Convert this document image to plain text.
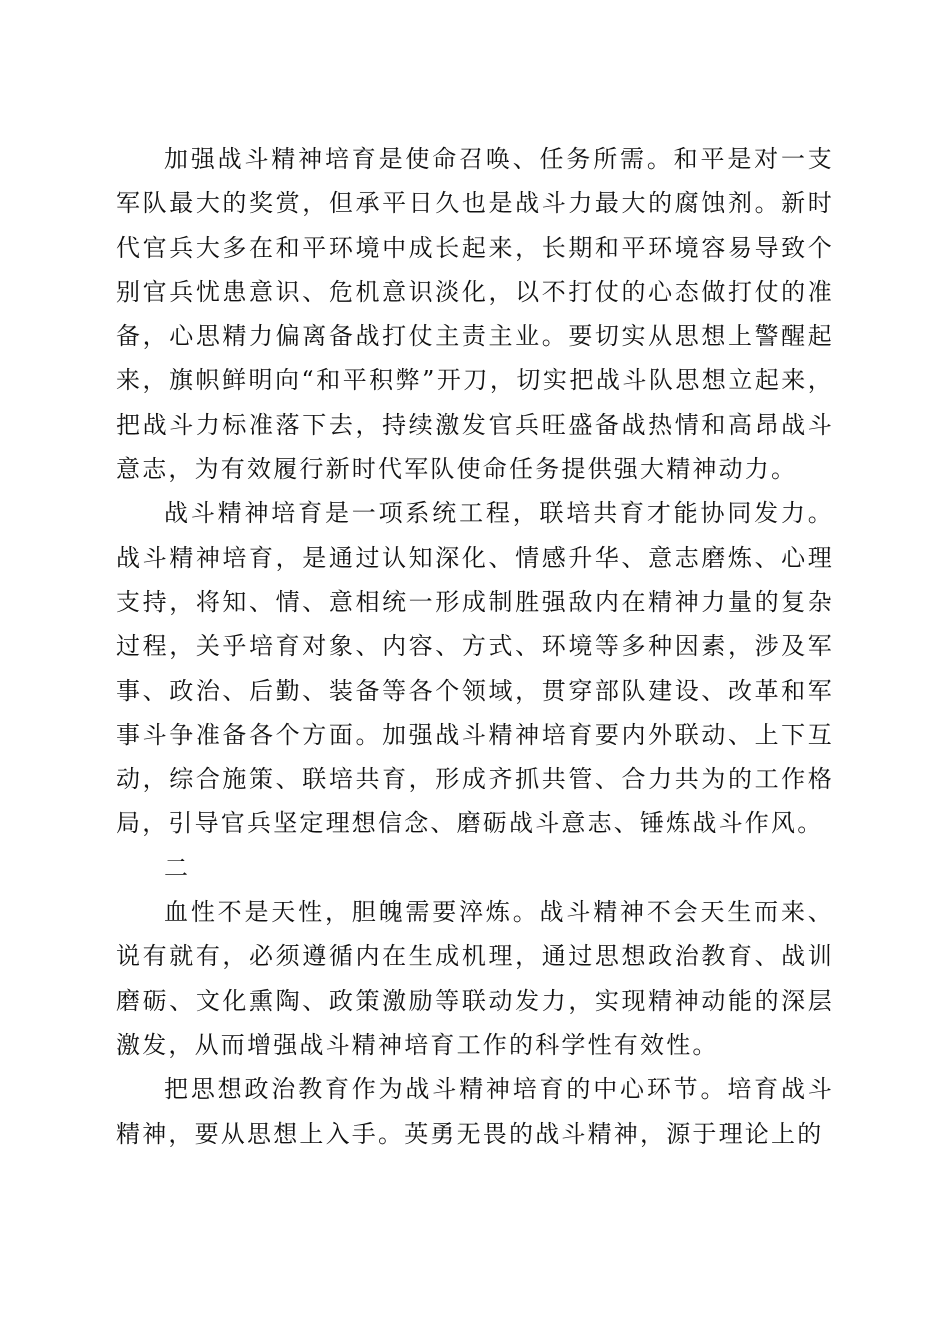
加强战斗精神培育是使命召唤、任务所需。和平是对一支军队最大的奖赏，但承平日久也是战斗力最大的腐蚀剂。新时代官兵大多在和平环境中成长起来，长期和平环境容易导致个别官兵忧患意识、危机意识淡化，以不打仗的心态做打仗的准备，心思精力偏离备战打仗主责主业。要切实从思想上警醒起来，旗帜鲜明向“和平积弊”开刀，切实把战斗队思想立起来，把战斗力标准落下去，持续激发官兵旺盛备战热情和高昂战斗意志，为有效履行新时代军队使命任务提供强大精神动力。

战斗精神培育是一项系统工程，联培共育才能协同发力。战斗精神培育，是通过认知深化、情感升华、意志磨炼、心理支持，将知、情、意相统一形成制胜强敌内在精神力量的复杂过程，关乎培育对象、内容、方式、环境等多种因素，涉及军事、政治、后勤、装备等各个领域，贯穿部队建设、改革和军事斗争准备各个方面。加强战斗精神培育要内外联动、上下互动，综合施策、联培共育，形成齐抓共管、合力共为的工作格局，引导官兵坚定理想信念、磨砺战斗意志、锤炼战斗作风。

二

血性不是天性，胆魄需要淬炼。战斗精神不会天生而来、说有就有，必须遵循内在生成机理，通过思想政治教育、战训磨砺、文化熏陶、政策激励等联动发力，实现精神动能的深层激发，从而增强战斗精神培育工作的科学性有效性。

把思想政治教育作为战斗精神培育的中心环节。培育战斗精神，要从思想上入手。英勇无畏的战斗精神，源于理论上的
